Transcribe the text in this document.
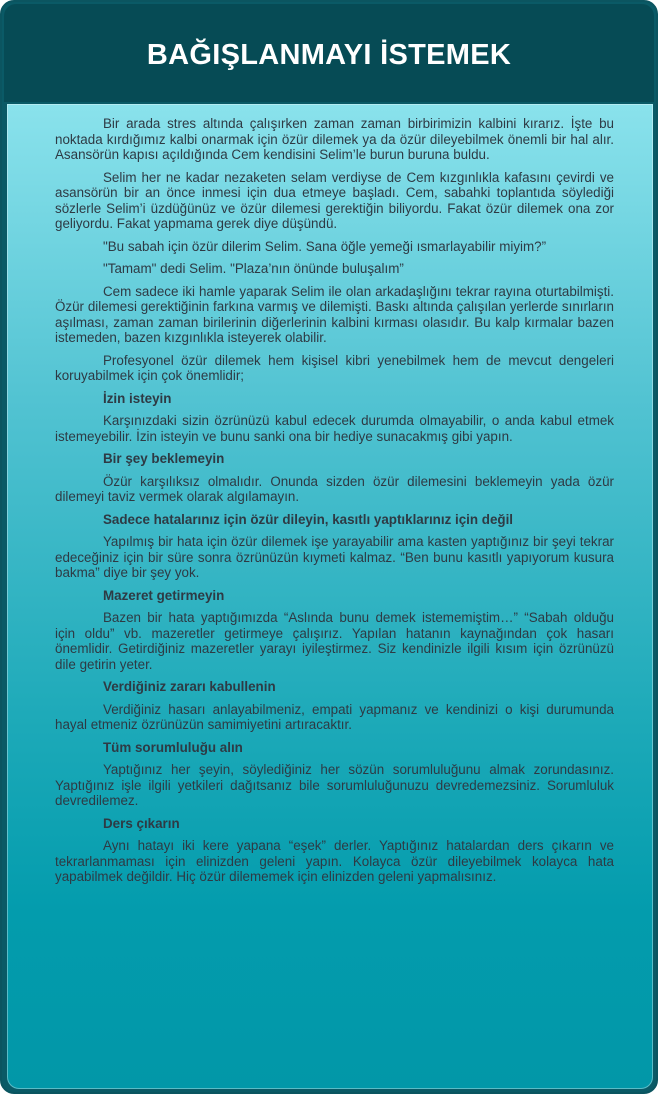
BAĞIŞLANMAYI İSTEMEK

Bir arada stres altında çalışırken zaman zaman birbirimizin kalbini kırarız. İşte bu noktada kırdığımız kalbi onarmak için özür dilemek ya da özür dileyebilmek önemli bir hal alır. Asansörün kapısı açıldığında Cem kendisini Selim’le burun buruna buldu.

Selim her ne kadar nezaketen selam verdiyse de Cem kızgınlıkla kafasını çevirdi ve asansörün bir an önce inmesi için dua etmeye başladı. Cem, sabahki toplantıda söylediği sözlerle Selim’i üzdüğünüz ve özür dilemesi gerektiğin biliyordu. Fakat özür dilemek ona zor geliyordu. Fakat yapmama gerek diye düşündü.

"Bu sabah için özür dilerim Selim. Sana öğle yemeği ısmarlayabilir miyim?”

"Tamam" dedi Selim. "Plaza’nın önünde buluşalım”

Cem sadece iki hamle yaparak Selim ile olan arkadaşlığını tekrar rayına oturtabilmişti. Özür dilemesi gerektiğinin farkına varmış ve dilemişti. Baskı altında çalışılan yerlerde sınırların aşılması, zaman zaman birilerinin diğerlerinin kalbini kırması olasıdır. Bu kalp kırmalar bazen istemeden, bazen kızgınlıkla isteyerek olabilir.

Profesyonel özür dilemek hem kişisel kibri yenebilmek hem de mevcut dengeleri koruyabilmek için çok önemlidir;

İzin isteyin

Karşınızdaki sizin özrünüzü kabul edecek durumda olmayabilir, o anda kabul etmek istemeyebilir. İzin isteyin ve bunu sanki ona bir hediye sunacakmış gibi yapın.

Bir şey beklemeyin

Özür karşılıksız olmalıdır. Onunda sizden özür dilemesini beklemeyin yada özür dilemeyi taviz vermek olarak algılamayın.

Sadece hatalarınız için özür dileyin, kasıtlı yaptıklarınız için değil

Yapılmış bir hata için özür dilemek işe yarayabilir ama kasten yaptığınız bir şeyi tekrar edeceğiniz için bir süre sonra özrünüzün kıymeti kalmaz. “Ben bunu kasıtlı yapıyorum kusura bakma” diye bir şey yok.

Mazeret getirmeyin

Bazen bir hata yaptığımızda “Aslında bunu demek istememiştim…” “Sabah olduğu için oldu” vb. mazeretler getirmeye çalışırız. Yapılan hatanın kaynağından çok hasarı önemlidir. Getirdiğiniz mazeretler yarayı iyileştirmez. Siz kendinizle ilgili kısım için özrünüzü dile getirin yeter.

Verdiğiniz zararı kabullenin

Verdiğiniz hasarı anlayabilmeniz, empati yapmanız ve kendinizi o kişi durumunda hayal etmeniz özrünüzün samimiyetini artıracaktır.

Tüm sorumluluğu alın

Yaptığınız her şeyin, söylediğiniz her sözün sorumluluğunu almak zorundasınız. Yaptığınız işle ilgili yetkileri dağıtsanız bile sorumluluğunuzu devredemezsiniz. Sorumluluk devredilemez.

Ders çıkarın

Aynı hatayı iki kere yapana “eşek” derler. Yaptığınız hatalardan ders çıkarın ve tekrarlanmaması için elinizden geleni yapın. Kolayca özür dileyebilmek kolayca hata yapabilmek değildir. Hiç özür dilememek için elinizden geleni yapmalısınız.
